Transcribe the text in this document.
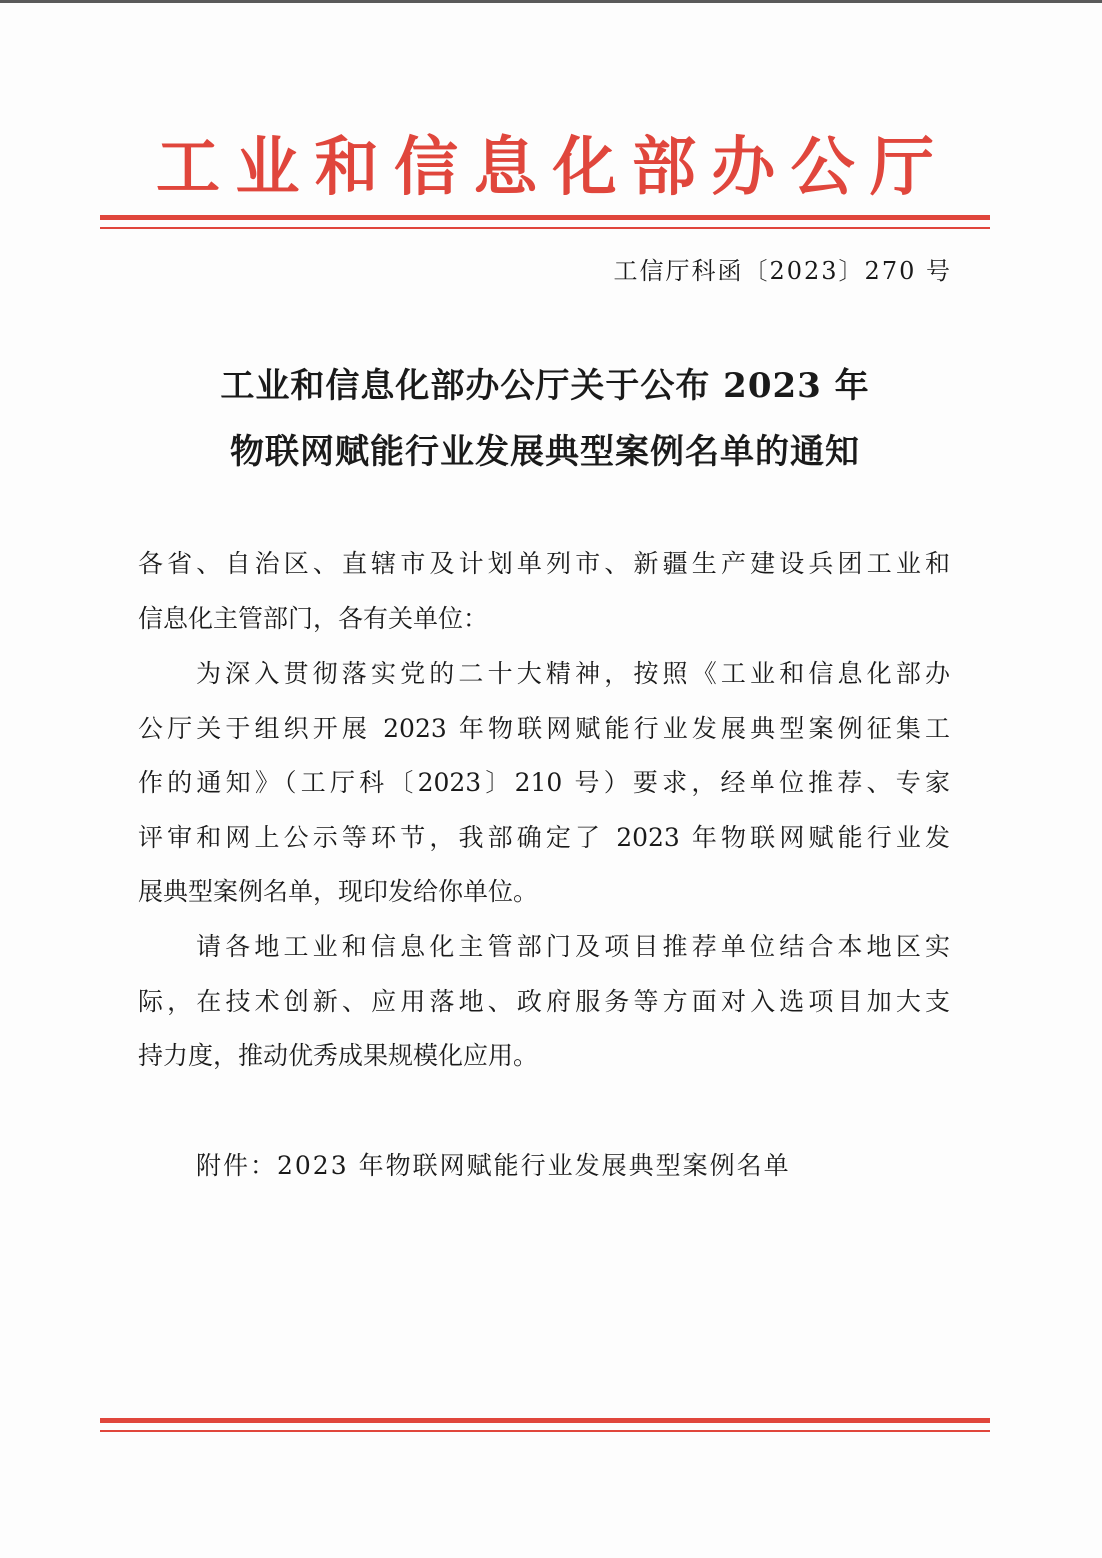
工 业 和 信 息 化 部 办 公 厅
工信厅科函〔2023〕270 号
工业和信息化部办公厅关于公布 2023 年
物联网赋能行业发展典型案例名单的通知
各省、自治区、直辖市及计划单列市、新疆生产建设兵团工业和
信息化主管部门，各有关单位：
为深入贯彻落实党的二十大精神，按照《工业和信息化部办
公厅关于组织开展 2023 年物联网赋能行业发展典型案例征集工
作的通知》（工厅科〔2023〕210 号）要求，经单位推荐、专家
评审和网上公示等环节，我部确定了 2023 年物联网赋能行业发
展典型案例名单，现印发给你单位。
请各地工业和信息化主管部门及项目推荐单位结合本地区实
际，在技术创新、应用落地、政府服务等方面对入选项目加大支
持力度，推动优秀成果规模化应用。
附件：2023 年物联网赋能行业发展典型案例名单
